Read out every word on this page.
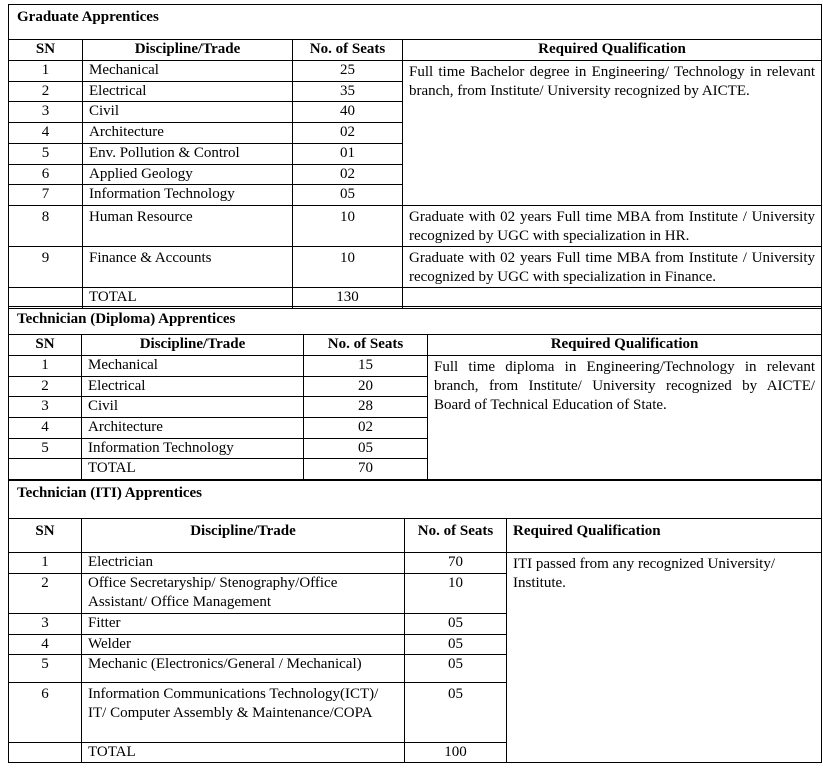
Graduate Apprentices			
SN	Discipline/Trade	No. of Seats	Required Qualification
1	Mechanical	25	Full time Bachelor degree in Engineering/ Technology in relevant branch, from Institute/ University recognized by AICTE.
2	Electrical	35	
3	Civil	40	
4	Architecture	02	
5	Env. Pollution & Control	01	
6	Applied Geology	02	
7	Information Technology	05	
8	Human Resource	10	Graduate with 02 years Full time MBA from Institute / University recognized by UGC with specialization in HR.
9	Finance & Accounts	10	Graduate with 02 years Full time MBA from Institute / University recognized by UGC with specialization in Finance.
	TOTAL	130	
Technician (Diploma) Apprentices			
SN	Discipline/Trade	No. of Seats	Required Qualification
1	Mechanical	15	Full time diploma in Engineering/Technology in relevant branch, from Institute/ University recognized by AICTE/ Board of Technical Education of State.
2	Electrical	20	
3	Civil	28	
4	Architecture	02	
5	Information Technology	05	
	TOTAL	70	
Technician (ITI) Apprentices			
SN	Discipline/Trade	No. of Seats	Required Qualification
1	Electrician	70	ITI passed from any recognized University/ Institute.
2	Office Secretaryship/ Stenography/Office Assistant/ Office Management	10	
3	Fitter	05	
4	Welder	05	
5	Mechanic (Electronics/General / Mechanical)	05	
6	Information Communications Technology(ICT)/ IT/ Computer Assembly & Maintenance/COPA	05	
	TOTAL	100	
